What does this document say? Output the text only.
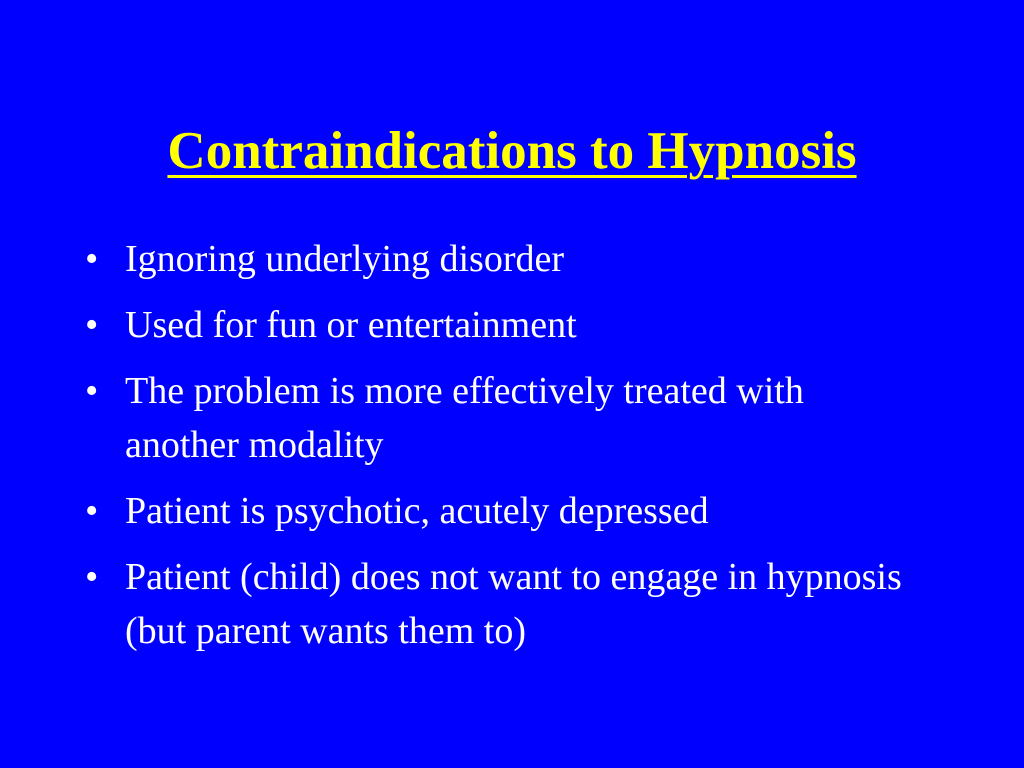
Contraindications to Hypnosis
• Ignoring underlying disorder
• Used for fun or entertainment
• The problem is more effectively treated with another modality
• Patient is psychotic, acutely depressed
• Patient (child) does not want to engage in hypnosis (but parent wants them to)
